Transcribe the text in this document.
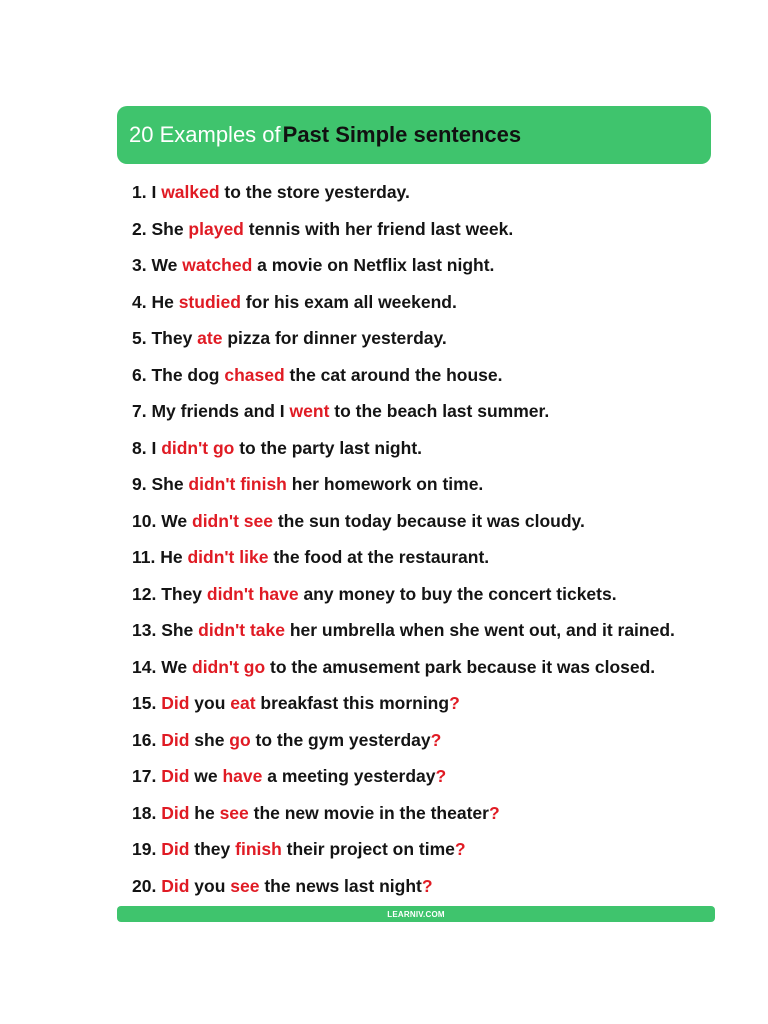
20 Examples of Past Simple sentences
1. I walked to the store yesterday.
2. She played tennis with her friend last week.
3. We watched a movie on Netflix last night.
4. He studied for his exam all weekend.
5. They ate pizza for dinner yesterday.
6. The dog chased the cat around the house.
7. My friends and I went to the beach last summer.
8. I didn't go to the party last night.
9. She didn't finish her homework on time.
10. We didn't see the sun today because it was cloudy.
11. He didn't like the food at the restaurant.
12. They didn't have any money to buy the concert tickets.
13. She didn't take her umbrella when she went out, and it rained.
14. We didn't go to the amusement park because it was closed.
15. Did you eat breakfast this morning?
16. Did she go to the gym yesterday?
17. Did we have a meeting yesterday?
18. Did he see the new movie in the theater?
19. Did they finish their project on time?
20. Did you see the news last night?
LEARNIV.COM
